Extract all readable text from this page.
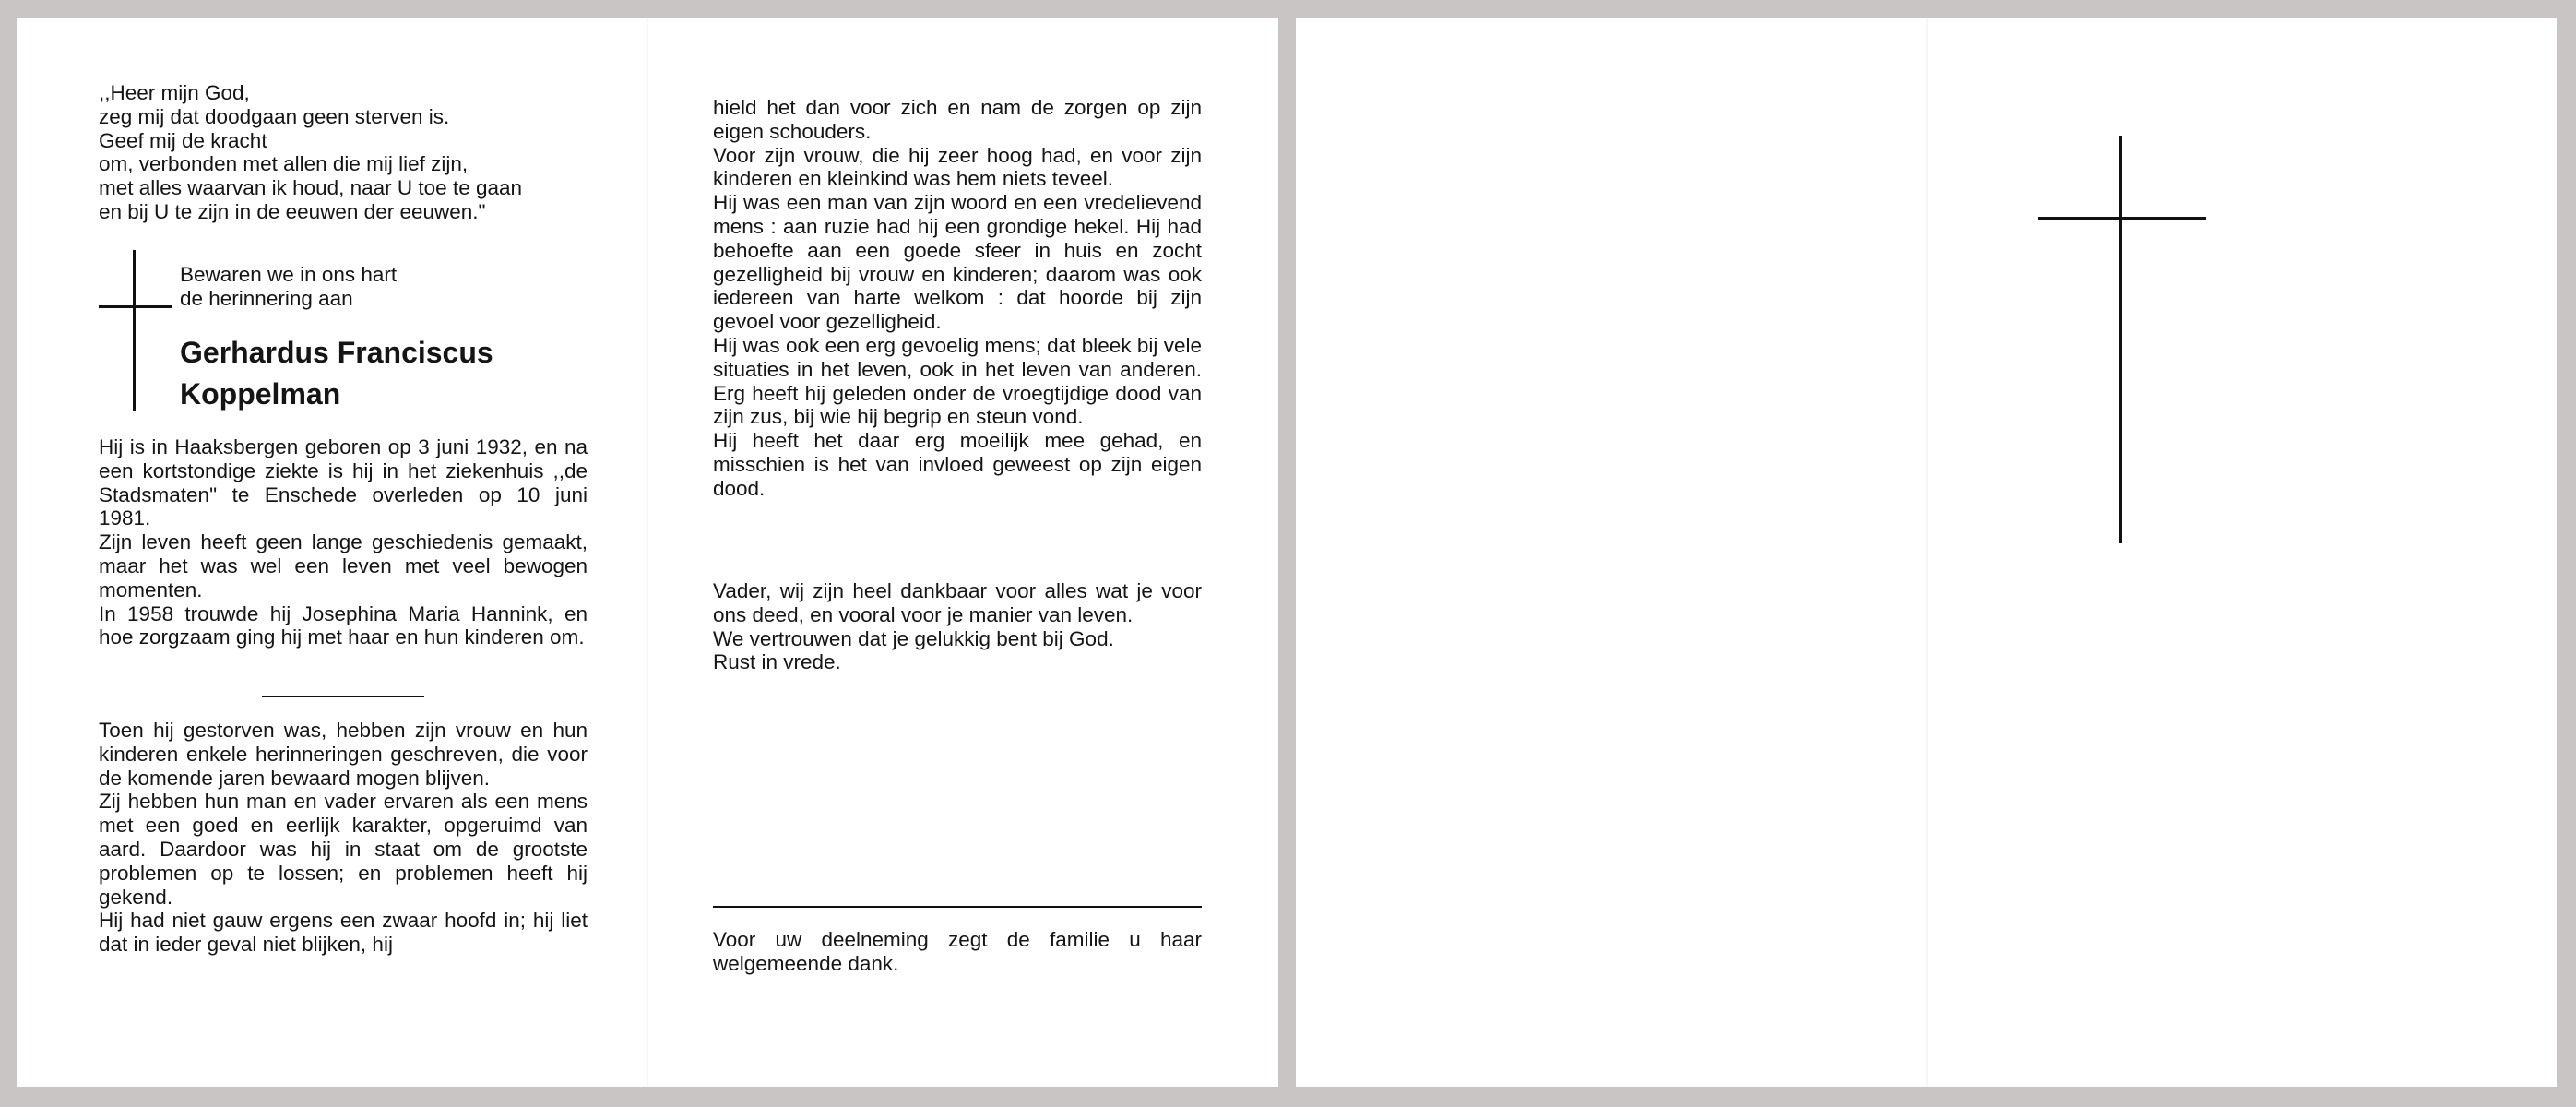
,,Heer mijn God,

zeg mij dat doodgaan geen sterven is.

Geef mij de kracht

om, verbonden met allen die mij lief zijn,

met alles waarvan ik houd, naar U toe te gaan

en bij U te zijn in de eeuwen der eeuwen."

Bewaren we in ons hart

de herinnering aan

Gerhardus Franciscus

Koppelman

Hij is in Haaksbergen geboren op 3 juni 1932, en na een kortstondige ziekte is hij in het ziekenhuis ,,de Stadsmaten" te Enschede overleden op 10 juni 1981.

Zijn leven heeft geen lange geschiedenis gemaakt, maar het was wel een leven met veel bewogen momenten.

In 1958 trouwde hij Josephina Maria Hannink, en hoe zorgzaam ging hij met haar en hun kinderen om.

Toen hij gestorven was, hebben zijn vrouw en hun kinderen enkele herinneringen geschreven, die voor de komende jaren bewaard mogen blijven.

Zij hebben hun man en vader ervaren als een mens met een goed en eerlijk karakter, opgeruimd van aard. Daardoor was hij in staat om de grootste problemen op te lossen; en problemen heeft hij gekend.

Hij had niet gauw ergens een zwaar hoofd in; hij liet dat in ieder geval niet blijken, hij

hield het dan voor zich en nam de zorgen op zijn eigen schouders.

Voor zijn vrouw, die hij zeer hoog had, en voor zijn kinderen en kleinkind was hem niets teveel.

Hij was een man van zijn woord en een vredelievend mens : aan ruzie had hij een grondige hekel. Hij had behoefte aan een goede sfeer in huis en zocht gezelligheid bij vrouw en kinderen; daarom was ook iedereen van harte welkom : dat hoorde bij zijn gevoel voor gezelligheid.

Hij was ook een erg gevoelig mens; dat bleek bij vele situaties in het leven, ook in het leven van anderen. Erg heeft hij geleden onder de vroegtijdige dood van zijn zus, bij wie hij begrip en steun vond.

Hij heeft het daar erg moeilijk mee gehad, en misschien is het van invloed geweest op zijn eigen dood.

Vader, wij zijn heel dankbaar voor alles wat je voor ons deed, en vooral voor je manier van leven.

We vertrouwen dat je gelukkig bent bij God.

Rust in vrede.

Voor uw deelneming zegt de familie u haar welgemeende dank.
